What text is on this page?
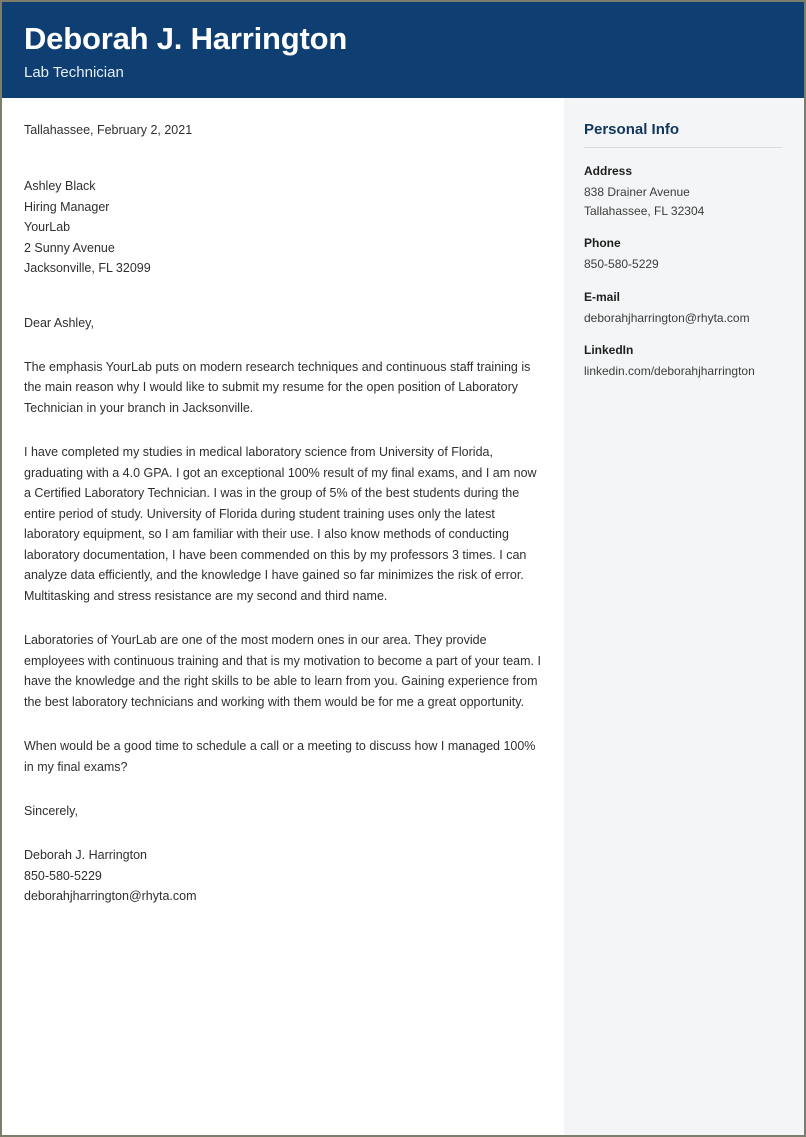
Deborah J. Harrington
Lab Technician
Tallahassee, February 2, 2021
Ashley Black
Hiring Manager
YourLab
2 Sunny Avenue
Jacksonville, FL 32099
Dear Ashley,

The emphasis YourLab puts on modern research techniques and continuous staff training is the main reason why I would like to submit my resume for the open position of Laboratory Technician in your branch in Jacksonville.

I have completed my studies in medical laboratory science from University of Florida, graduating with a 4.0 GPA. I got an exceptional 100% result of my final exams, and I am now a Certified Laboratory Technician. I was in the group of 5% of the best students during the entire period of study. University of Florida during student training uses only the latest laboratory equipment, so I am familiar with their use. I also know methods of conducting laboratory documentation, I have been commended on this by my professors 3 times. I can analyze data efficiently, and the knowledge I have gained so far minimizes the risk of error. Multitasking and stress resistance are my second and third name.

Laboratories of YourLab are one of the most modern ones in our area. They provide employees with continuous training and that is my motivation to become a part of your team. I have the knowledge and the right skills to be able to learn from you. Gaining experience from the best laboratory technicians and working with them would be for me a great opportunity.

When would be a good time to schedule a call or a meeting to discuss how I managed 100% in my final exams?

Sincerely,
Deborah J. Harrington
850-580-5229
deborahjharrington@rhyta.com
Personal Info
Address
838 Drainer Avenue
Tallahassee, FL 32304
Phone
850-580-5229
E-mail
deborahjharrington@rhyta.com
LinkedIn
linkedin.com/deborahjharrington
